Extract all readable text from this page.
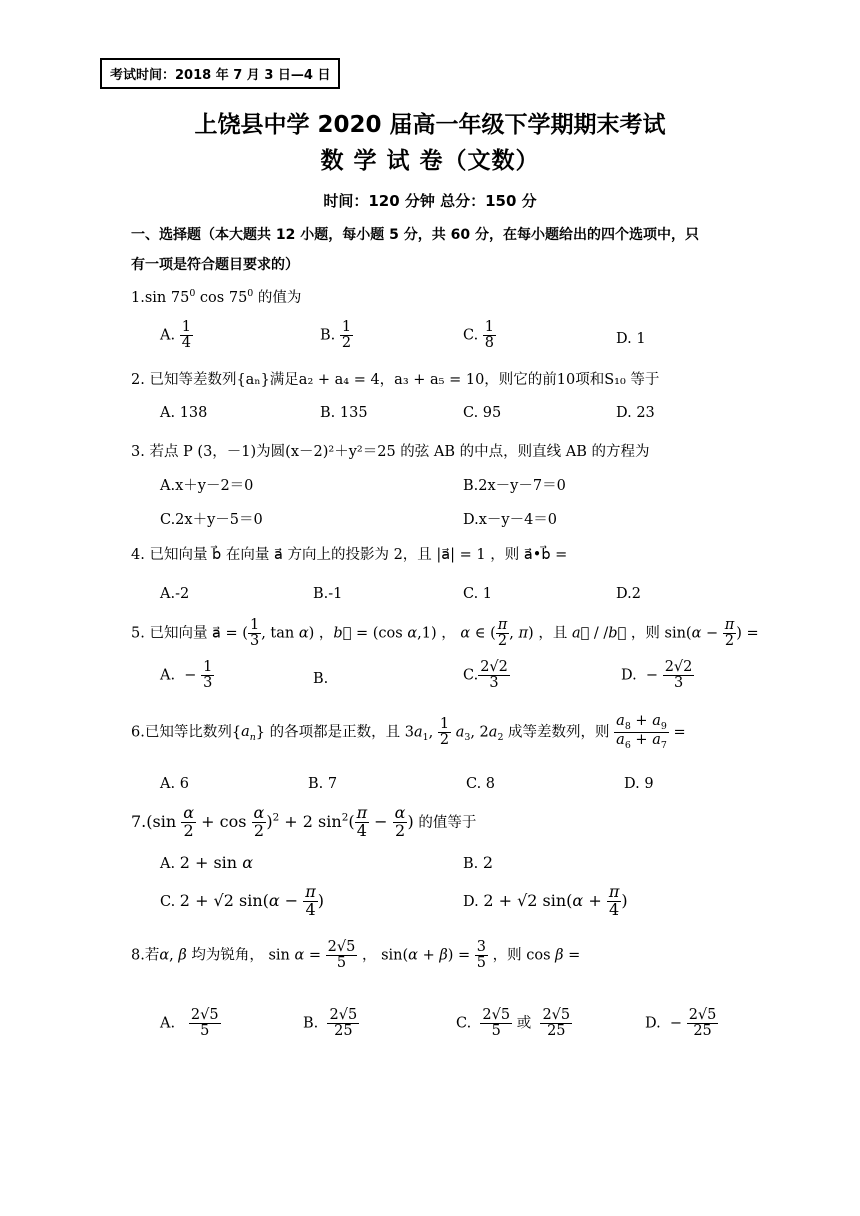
考试时间：2018 年 7 月 3 日—4 日
上饶县中学 2020 届高一年级下学期期末考试
数 学 试 卷（文数）
时间：120 分钟 总分：150 分
一、选择题（本大题共 12 小题，每小题 5 分，共 60 分，在每小题给出的四个选项中，只
有一项是符合题目要求的）
1.sin $75^0$ $\cos 75^0$ 的值为
A. $\frac{1}{4}$	B. $\frac{1}{2}$	C. $\frac{1}{8}$	D. 1
2. 已知等差数列{aₙ}满足a₂ + a₄ = 4，a₃ + a₅ = 10，则它的前10项和S₁₀ 等于
A. 138	B. 135	C. 95	D. 23
3. 若点 P (3，－1)为圆(x－2)²＋y²＝25 的弦 AB 的中点，则直线 AB 的方程为
A.x＋y－2＝0	B.2x－y－7＝0
C.2x＋y－5＝0	D.x－y－4＝0
4. 已知向量 b⃗ 在向量 a⃗ 方向上的投影为 2，且 |a⃗| = 1 ，则 a⃗•b⃗ =
A.-2	B.-1	C. 1	D.2
5. 已知向量 a⃗ = ( $\frac{1}{3}$ , tan α) ，b⃗ = (cos α,1) ， α ∈ ( $\frac{\pi}{2}$ , π) ，且 a⃗ / /b⃗ ，则 $\sin(\alpha - \frac{\pi}{2}$ ) =
A.  − $\frac{1}{3}$	B.	C. $\frac{2√2}{3}$	D.  − $\frac{2√2}{3}$
6.已知等比数列$\{a_n\}$ 的各项都是正数，且 $3a_1$, $\frac{1}{2} a_3$, $2a_2$ 成等差数列，则 $\frac{a_8 + a_9}{a_6 + a_7}$ =
A. 6	B. 7	C. 8	D. 9
$7.(\sin \frac{\alpha}{2} + \cos \frac{\alpha}{2} )^2 + 2$ $\sin^2( \frac{\pi}{4} - \frac{\alpha}{2}$ ) 的值等于
A. 2 + sin α	B. 2
C. 2 + √2 $\sin(\alpha - \frac{\pi}{4}$ )	D. 2 + √2 $\sin(\alpha + \frac{\pi}{4}$ )
8.若α, β 均为锐角， $\sin \alpha = \frac{2√5}{5}$ ， $\sin(\alpha + \beta) = \frac{3}{5}$ ，则 cos β =
A. $\frac{2√5}{5}$	B. $\frac{2√5}{25}$	C. $\frac{2√5}{5}$ 或 $\frac{2√5}{25}$	D.  − $\frac{2√5}{25}$
